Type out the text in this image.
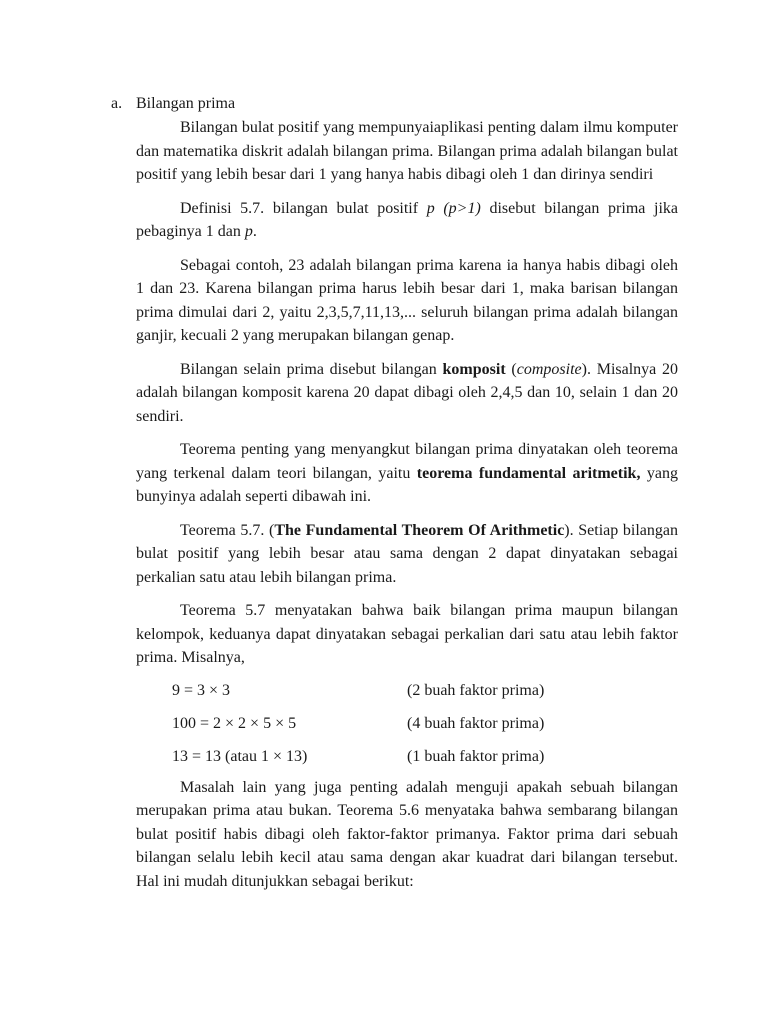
a. Bilangan prima

Bilangan bulat positif yang mempunyaiaplikasi penting dalam ilmu komputer dan matematika diskrit adalah bilangan prima. Bilangan prima adalah bilangan bulat positif yang lebih besar dari 1 yang hanya habis dibagi oleh 1 dan dirinya sendiri

Definisi 5.7. bilangan bulat positif p (p>1) disebut bilangan prima jika pebaginya 1 dan p.

Sebagai contoh, 23 adalah bilangan prima karena ia hanya habis dibagi oleh 1 dan 23. Karena bilangan prima harus lebih besar dari 1, maka barisan bilangan prima dimulai dari 2, yaitu 2,3,5,7,11,13,... seluruh bilangan prima adalah bilangan ganjir, kecuali 2 yang merupakan bilangan genap.

Bilangan selain prima disebut bilangan komposit (composite). Misalnya 20 adalah bilangan komposit karena 20 dapat dibagi oleh 2,4,5 dan 10, selain 1 dan 20 sendiri.

Teorema penting yang menyangkut bilangan prima dinyatakan oleh teorema yang terkenal dalam teori bilangan, yaitu teorema fundamental aritmetik, yang bunyinya adalah seperti dibawah ini.

Teorema 5.7. (The Fundamental Theorem Of Arithmetic). Setiap bilangan bulat positif yang lebih besar atau sama dengan 2 dapat dinyatakan sebagai perkalian satu atau lebih bilangan prima.

Teorema 5.7 menyatakan bahwa baik bilangan prima maupun bilangan kelompok, keduanya dapat dinyatakan sebagai perkalian dari satu atau lebih faktor prima. Misalnya,

9 = 3 × 3	(2 buah faktor prima)
100 = 2 × 2 × 5 × 5	(4 buah faktor prima)
13 = 13 (atau 1 × 13)	(1 buah faktor prima)

Masalah lain yang juga penting adalah menguji apakah sebuah bilangan merupakan prima atau bukan. Teorema 5.6 menyataka bahwa sembarang bilangan bulat positif habis dibagi oleh faktor-faktor primanya. Faktor prima dari sebuah bilangan selalu lebih kecil atau sama dengan akar kuadrat dari bilangan tersebut. Hal ini mudah ditunjukkan sebagai berikut:
